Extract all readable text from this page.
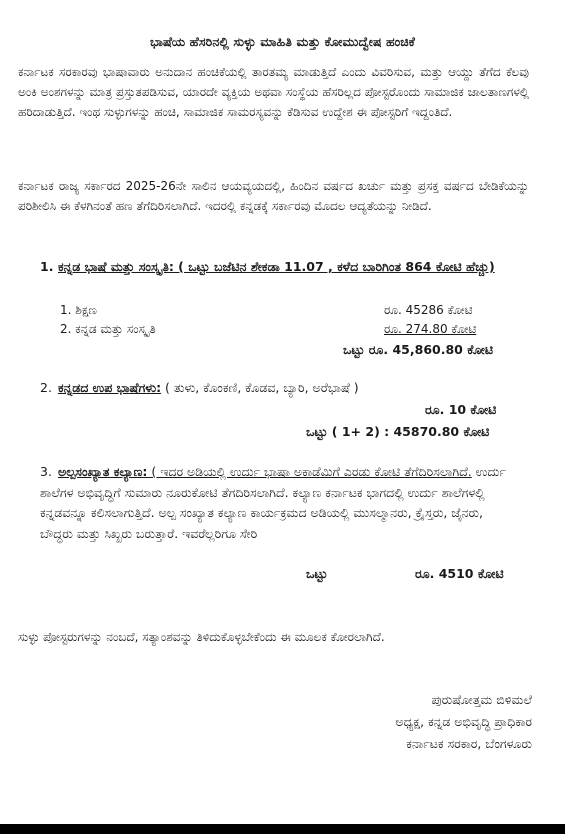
ಭಾಷೆಯ ಹೆಸರಿನಲ್ಲಿ ಸುಳ್ಳು ಮಾಹಿತಿ ಮತ್ತು ಕೋಮುದ್ವೇಷ ಹಂಚಿಕೆ
ಕರ್ನಾಟಕ ಸರಕಾರವು ಭಾಷಾವಾರು ಅನುದಾನ ಹಂಚಿಕೆಯಲ್ಲಿ ತಾರತಮ್ಯ ಮಾಡುತ್ತಿದೆ ಎಂದು ವಿವರಿಸುವ, ಮತ್ತು ಆಯ್ದು ತೆಗೆದ ಕೆಲವು ಅಂಕಿ ಅಂಶಗಳನ್ನು ಮಾತ್ರ ಪ್ರಸ್ತುತಪಡಿಸುವ, ಯಾರದೇ ವ್ಯಕ್ತಿಯ ಅಥವಾ ಸಂಸ್ಥೆಯ ಹೆಸರಿಲ್ಲದ ಪೋಸ್ಟರೊಂದು ಸಾಮಾಜಿಕ ಜಾಲತಾಣಗಳಲ್ಲಿ ಹರಿದಾಡುತ್ತಿದೆ. ಇಂಥ ಸುಳ್ಳುಗಳನ್ನು ಹಂಚಿ, ಸಾಮಾಜಿಕ ಸಾಮರಸ್ಯವನ್ನು ಕೆಡಿಸುವ ಉದ್ದೇಶ ಈ ಪೋಸ್ಟರಿಗೆ ಇದ್ದಂತಿದೆ.
ಕರ್ನಾಟಕ ರಾಜ್ಯ ಸರ್ಕಾರದ 2025-26ನೇ ಸಾಲಿನ ಆಯವ್ಯಯದಲ್ಲಿ, ಹಿಂದಿನ ವರ್ಷದ ಖರ್ಚು ಮತ್ತು ಪ್ರಸಕ್ತ ವರ್ಷದ ಬೇಡಿಕೆಯನ್ನು ಪರಿಶೀಲಿಸಿ ಈ ಕೆಳಗಿನಂತೆ ಹಣ ತೆಗೆದಿರಿಸಲಾಗಿದೆ. ಇದರಲ್ಲಿ ಕನ್ನಡಕ್ಕೆ ಸರ್ಕಾರವು ಮೊದಲ ಆದ್ಯತೆಯನ್ನು ನೀಡಿದೆ.
1. ಕನ್ನಡ ಭಾಷೆ ಮತ್ತು ಸಂಸ್ಕೃತಿ: ( ಒಟ್ಟು ಬಜೆಟಿನ ಶೇಕಡಾ 11.07 , ಕಳೆದ ಬಾರಿಗಿಂತ 864 ಕೋಟಿ ಹೆಚ್ಚು)
1. ಶಿಕ್ಷಣ	ರೂ. 45286 ಕೋಟಿ
2. ಕನ್ನಡ ಮತ್ತು ಸಂಸ್ಕೃತಿ	ರೂ. 274.80 ಕೋಟಿ
ಒಟ್ಟು ರೂ. 45,860.80 ಕೋಟಿ
2. ಕನ್ನಡದ ಉಪ ಭಾಷೆಗಳು: ( ತುಳು, ಕೊಂಕಣಿ, ಕೊಡವ, ಬ್ಯಾರಿ, ಅರೆಭಾಷೆ )
ರೂ. 10 ಕೋಟಿ
ಒಟ್ಟು ( 1+ 2) : 45870.80 ಕೋಟಿ
3. ಅಲ್ಪಸಂಖ್ಯಾತ ಕಲ್ಯಾಣ: ( ಇದರ ಅಡಿಯಲ್ಲಿ ಉರ್ದು ಭಾಷಾ ಅಕಾಡೆಮಿಗೆ ಎರಡು ಕೋಟಿ ತೆಗೆದಿರಿಸಲಾಗಿದೆ. ಉರ್ದು ಶಾಲೆಗಳ ಅಭಿವೃದ್ಧಿಗೆ ಸುಮಾರು ನೂರುಕೋಟಿ ತೆಗದಿರಿಸಲಾಗಿದೆ. ಕಲ್ಯಾಣ ಕರ್ನಾಟಕ ಭಾಗದಲ್ಲಿ ಉರ್ದು ಶಾಲೆಗಳಲ್ಲಿ ಕನ್ನಡವನ್ನೂ ಕಲಿಸಲಾಗುತ್ತಿದೆ. ಅಲ್ಪ ಸಂಖ್ಯಾತ ಕಲ್ಯಾಣ ಕಾರ್ಯಕ್ರಮದ ಅಡಿಯಲ್ಲಿ ಮುಸಲ್ಮಾನರು, ಕ್ರೈಸ್ತರು, ಜೈನರು, ಬೌದ್ಧರು ಮತ್ತು ಸಿಖ್ಖರು ಬರುತ್ತಾರೆ. ಇವರೆಲ್ಲರಿಗೂ ಸೇರಿ
ಒಟ್ಟು	ರೂ. 4510 ಕೋಟಿ
ಸುಳ್ಳು ಪೋಸ್ಟರುಗಳನ್ನು ನಂಬದೆ, ಸತ್ಯಾಂಶವನ್ನು ತಿಳಿದುಕೊಳ್ಳಬೇಕೆಂದು ಈ ಮೂಲಕ ಕೋರಲಾಗಿದೆ.
ಪುರುಷೋತ್ತಮ ಬಿಳಿಮಲೆ
ಅಧ್ಯಕ್ಷ, ಕನ್ನಡ ಅಭಿವೃದ್ಧಿ ಪ್ರಾಧಿಕಾರ
ಕರ್ನಾಟಕ ಸರಕಾರ, ಬೆಂಗಳೂರು
